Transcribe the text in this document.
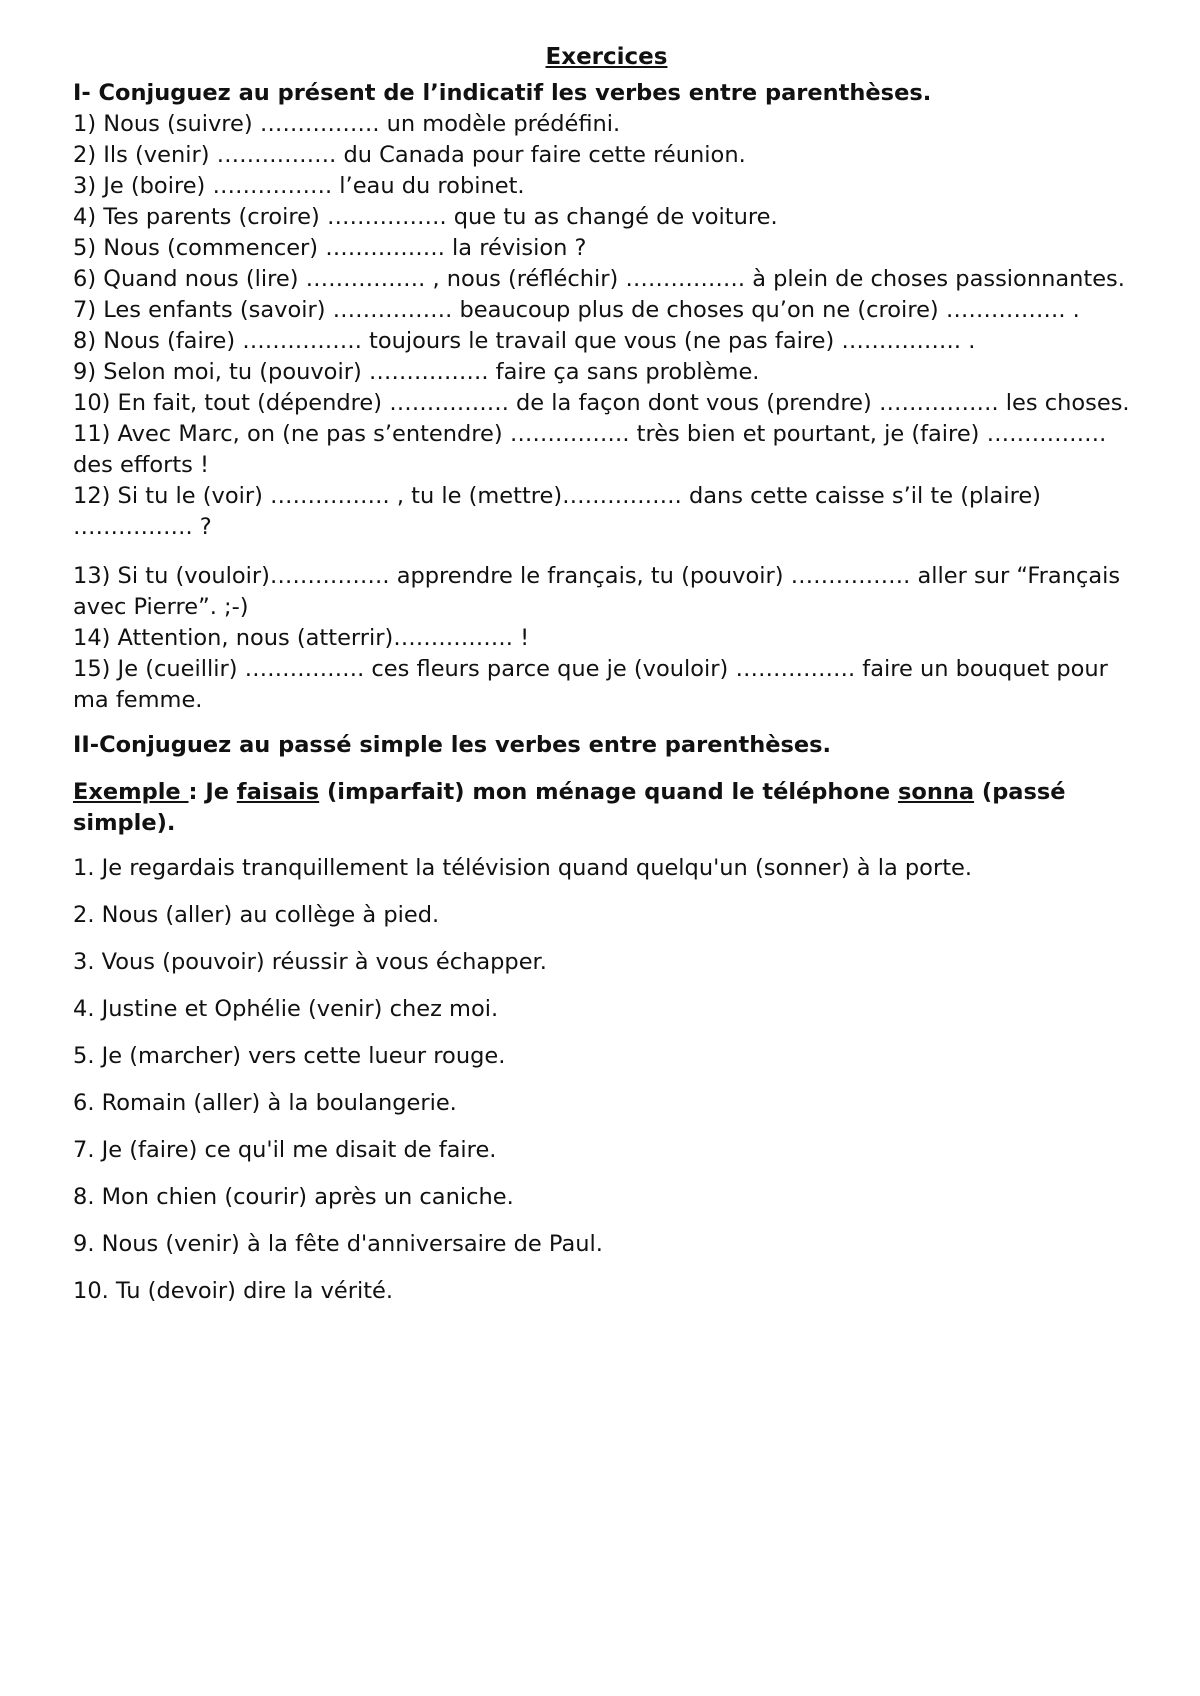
Exercices
I- Conjuguez au présent de l’indicatif les verbes entre parenthèses.
1) Nous (suivre) ……………. un modèle prédéfini.
2) Ils (venir) ……………. du Canada pour faire cette réunion.
3) Je (boire) ……………. l’eau du robinet.
4) Tes parents (croire) ……………. que tu as changé de voiture.
5) Nous (commencer) ……………. la révision ?
6) Quand nous (lire) ……………. , nous (réfléchir) ……………. à plein de choses passionnantes.
7) Les enfants (savoir) ……………. beaucoup plus de choses qu’on ne (croire) ……………. .
8) Nous (faire) ……………. toujours le travail que vous (ne pas faire) ……………. .
9) Selon moi, tu (pouvoir) ……………. faire ça sans problème.
10) En fait, tout (dépendre) ……………. de la façon dont vous (prendre) ……………. les choses.
11) Avec Marc, on (ne pas s’entendre) ……………. très bien et pourtant, je (faire) ……………. des efforts !
12) Si tu le (voir) ……………. , tu le (mettre)……………. dans cette caisse s’il te (plaire) ……………. ?
13) Si tu (vouloir)……………. apprendre le français, tu (pouvoir) ……………. aller sur “Français avec Pierre”. ;-)
14) Attention, nous (atterrir)……………. !
15) Je (cueillir) ……………. ces fleurs parce que je (vouloir) ……………. faire un bouquet pour ma femme.
II-Conjuguez au passé simple les verbes entre parenthèses.
Exemple : Je faisais (imparfait) mon ménage quand le téléphone sonna (passé simple).
1. Je regardais tranquillement la télévision quand quelqu'un (sonner) à la porte.
2. Nous (aller) au collège à pied.
3. Vous (pouvoir) réussir à vous échapper.
4. Justine et Ophélie (venir) chez moi.
5. Je (marcher) vers cette lueur rouge.
6. Romain (aller) à la boulangerie.
7. Je (faire) ce qu'il me disait de faire.
8. Mon chien (courir) après un caniche.
9. Nous (venir) à la fête d'anniversaire de Paul.
10. Tu (devoir) dire la vérité.
